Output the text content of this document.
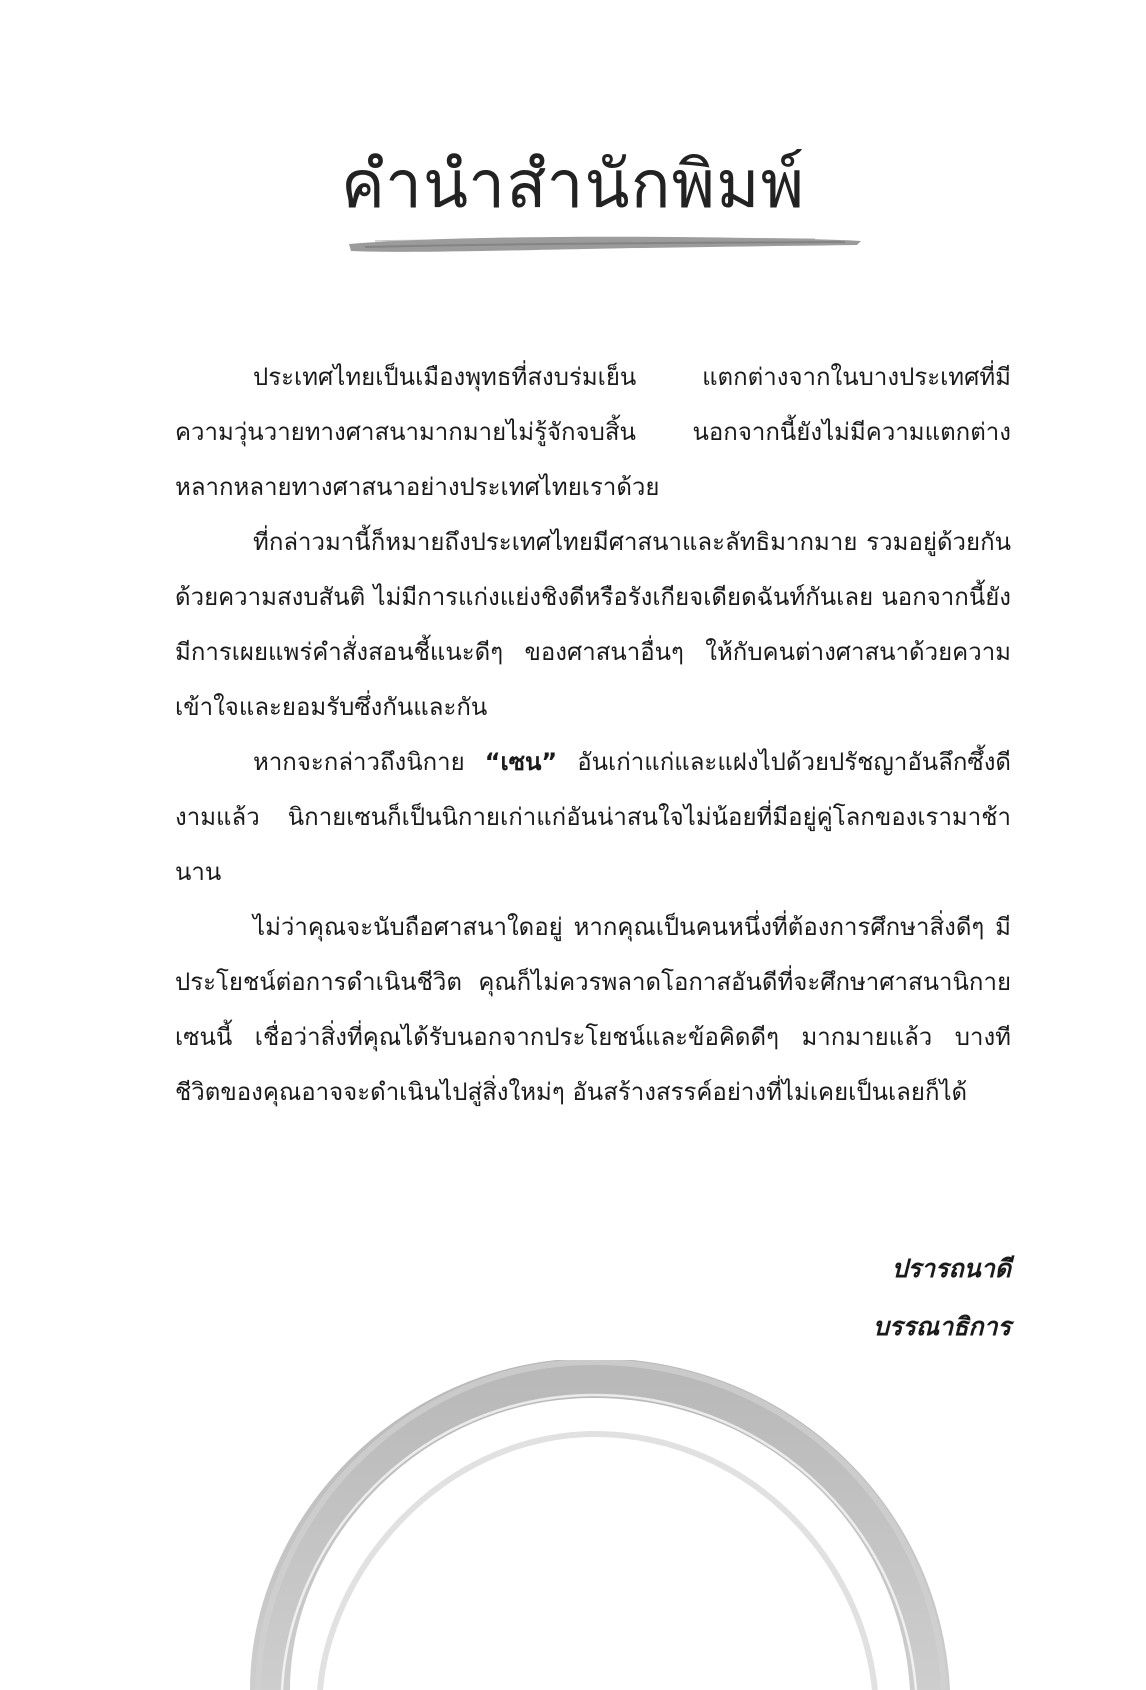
คำนำสำนักพิมพ์

ประเทศไทยเป็นเมืองพุทธที่สงบร่มเย็น แตกต่างจากในบางประเทศที่มีความวุ่นวายทางศาสนามากมายไม่รู้จักจบสิ้น นอกจากนี้ยังไม่มีความแตกต่างหลากหลายทางศาสนาอย่างประเทศไทยเราด้วย

ที่กล่าวมานี้ก็หมายถึงประเทศไทยมีศาสนาและลัทธิมากมาย รวมอยู่ด้วยกันด้วยความสงบสันติ ไม่มีการแก่งแย่งชิงดีหรือรังเกียจเดียดฉันท์กันเลย นอกจากนี้ยังมีการเผยแพร่คำสั่งสอนชี้แนะดีๆ ของศาสนาอื่นๆ ให้กับคนต่างศาสนาด้วยความเข้าใจและยอมรับซึ่งกันและกัน

หากจะกล่าวถึงนิกาย “เซน” อันเก่าแก่และแฝงไปด้วยปรัชญาอันลึกซึ้งดีงามแล้ว นิกายเซนก็เป็นนิกายเก่าแก่อันน่าสนใจไม่น้อยที่มีอยู่คู่โลกของเรามาช้านาน

ไม่ว่าคุณจะนับถือศาสนาใดอยู่ หากคุณเป็นคนหนึ่งที่ต้องการศึกษาสิ่งดีๆ มีประโยชน์ต่อการดำเนินชีวิต คุณก็ไม่ควรพลาดโอกาสอันดีที่จะศึกษาศาสนานิกายเซนนี้ เชื่อว่าสิ่งที่คุณได้รับนอกจากประโยชน์และข้อคิดดีๆ มากมายแล้ว บางทีชีวิตของคุณอาจจะดำเนินไปสู่สิ่งใหม่ๆ อันสร้างสรรค์อย่างที่ไม่เคยเป็นเลยก็ได้

ปรารถนาดี
บรรณาธิการ
